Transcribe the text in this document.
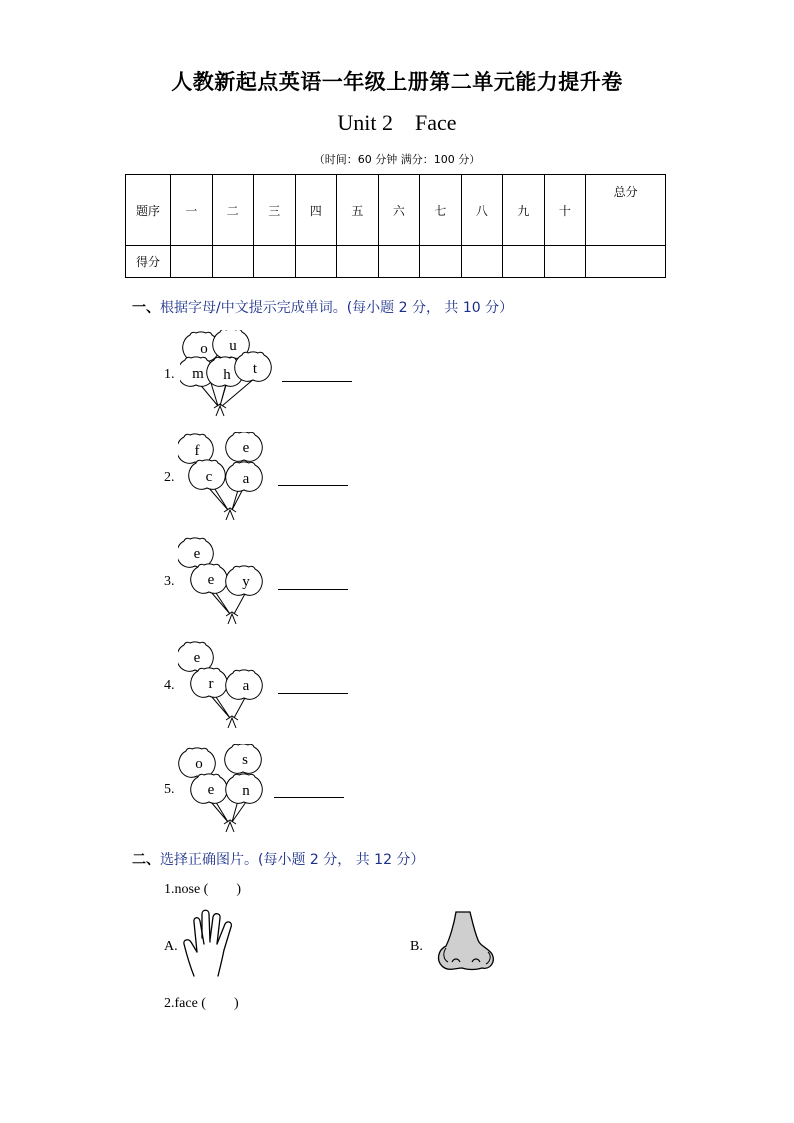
人教新起点英语一年级上册第二单元能力提升卷
Unit 2    Face
（时间：60 分钟 满分：100 分）
题序	一	二	三	四	五	六	七	八	九	十	总分
得分											
一、根据字母/中文提示完成单词。(每小题 2 分， 共 10 分）
1.
o u
m h t
2.
f	e
c a
3.
e
e y
4.
e
r a
5.
o	s
e n
二、选择正确图片。(每小题 2 分， 共 12 分）
1.nose (        )
A.	B.
2.face (        )
